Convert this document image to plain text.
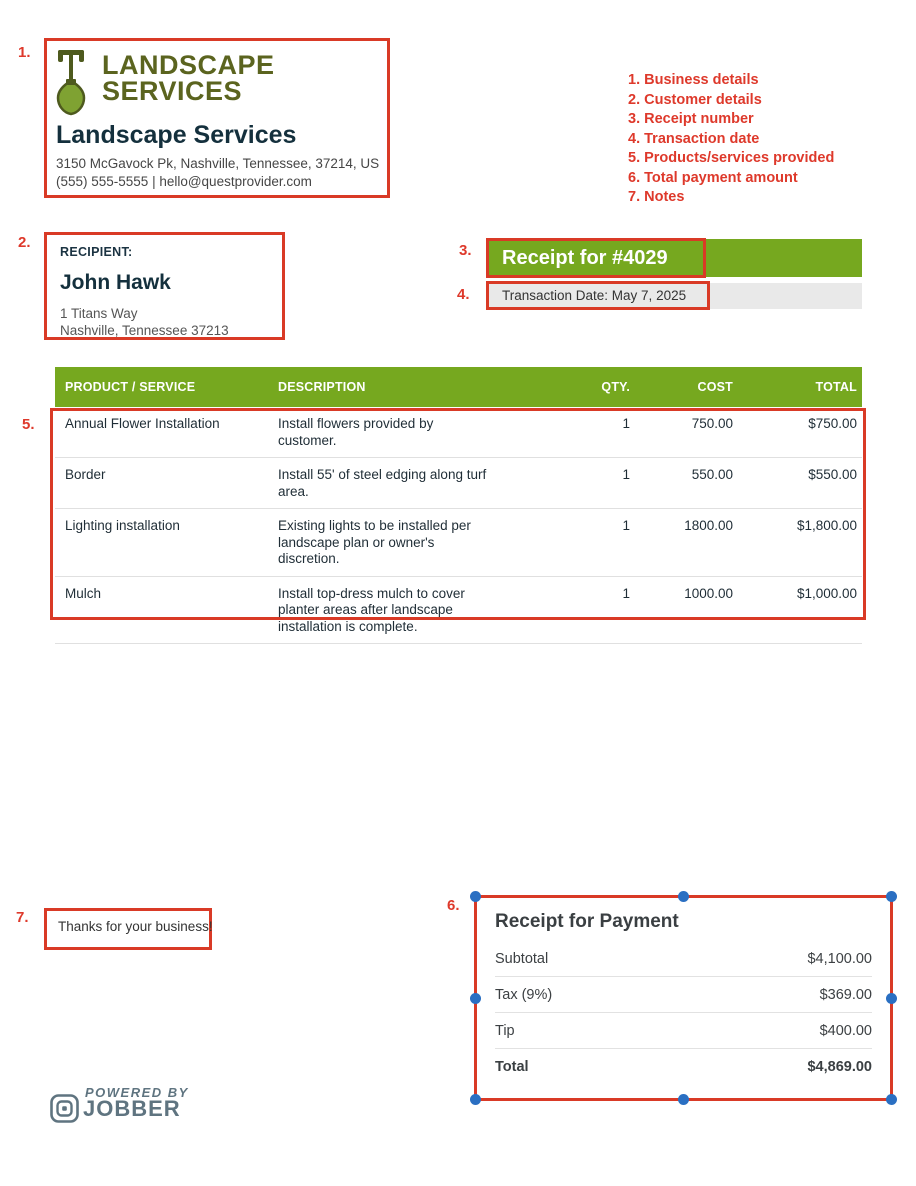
1.	LANDSCAPE
SERVICES
Landscape Services
3150 McGavock Pk, Nashville, Tennessee, 37214, US
(555) 555-5555 | hello@questprovider.com
1. Business details
2. Customer details
3. Receipt number
4. Transaction date
5. Products/services provided
6. Total payment amount
7. Notes
2.
RECIPIENT:
John Hawk
1 Titans Way
Nashville, Tennessee 37213
Receipt for #4029
Transaction Date: May 7, 2025
3.
4.
PRODUCT / SERVICE	DESCRIPTION	QTY.	COST	TOTAL
Annual Flower Installation	Install flowers provided by customer.	1	750.00	$750.00
Border	Install 55' of steel edging along turf area.	1	550.00	$550.00
Lighting installation	Existing lights to be installed per landscape plan or owner's discretion.	1	1800.00	$1,800.00
Mulch	Install top-dress mulch to cover planter areas after landscape installation is complete.	1	1000.00	$1,000.00
5.
7.
Thanks for your business!
6.
Receipt for Payment
Subtotal	$4,100.00
Tax (9%)	$369.00
Tip	$400.00
Total	$4,869.00
POWERED BY
JOBBER
